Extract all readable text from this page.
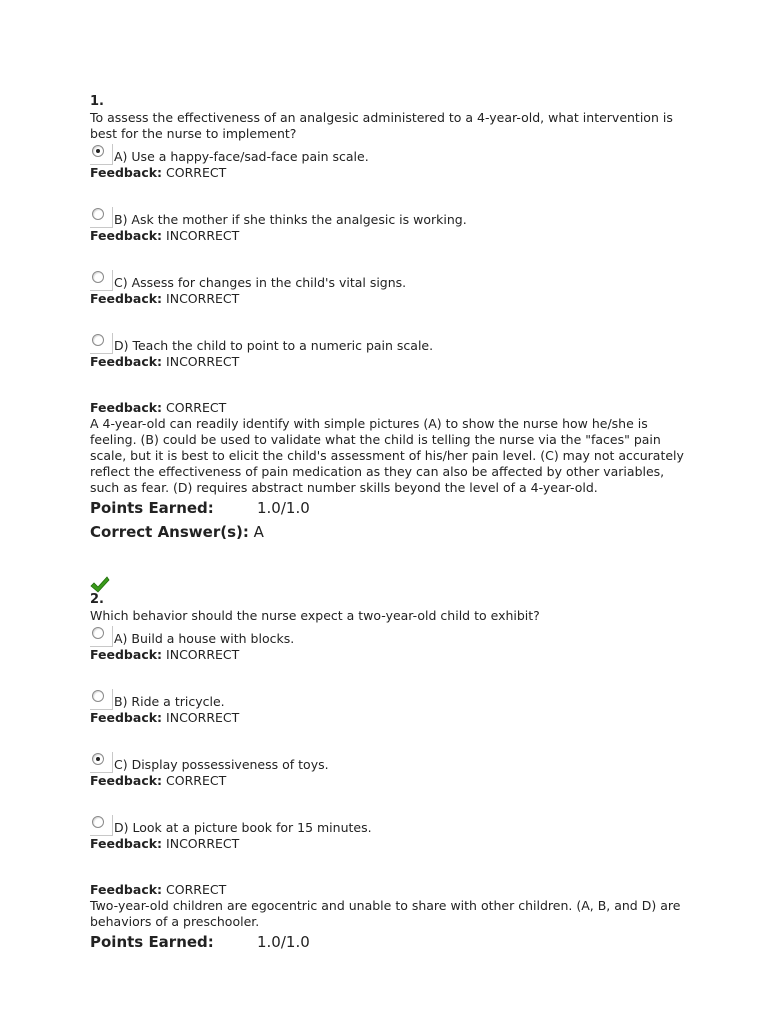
1.

To assess the effectiveness of an analgesic administered to a 4-year-old, what intervention is best for the nurse to implement?

A) Use a happy-face/sad-face pain scale.
Feedback: CORRECT
B) Ask the mother if she thinks the analgesic is working.
Feedback: INCORRECT
C) Assess for changes in the child's vital signs.
Feedback: INCORRECT
D) Teach the child to point to a numeric pain scale.
Feedback: INCORRECT
Feedback: CORRECT

A 4-year-old can readily identify with simple pictures (A) to show the nurse how he/she is feeling. (B) could be used to validate what the child is telling the nurse via the "faces" pain scale, but it is best to elicit the child's assessment of his/her pain level. (C) may not accurately reflect the effectiveness of pain medication as they can also be affected by other variables, such as fear. (D) requires abstract number skills beyond the level of a 4-year-old.

Points Earned:	1.0/1.0
Correct Answer(s): A
2.

Which behavior should the nurse expect a two-year-old child to exhibit?

A) Build a house with blocks.
Feedback: INCORRECT
B) Ride a tricycle.
Feedback: INCORRECT
C) Display possessiveness of toys.
Feedback: CORRECT
D) Look at a picture book for 15 minutes.
Feedback: INCORRECT
Feedback: CORRECT

Two-year-old children are egocentric and unable to share with other children. (A, B, and D) are behaviors of a preschooler.

Points Earned:	1.0/1.0
